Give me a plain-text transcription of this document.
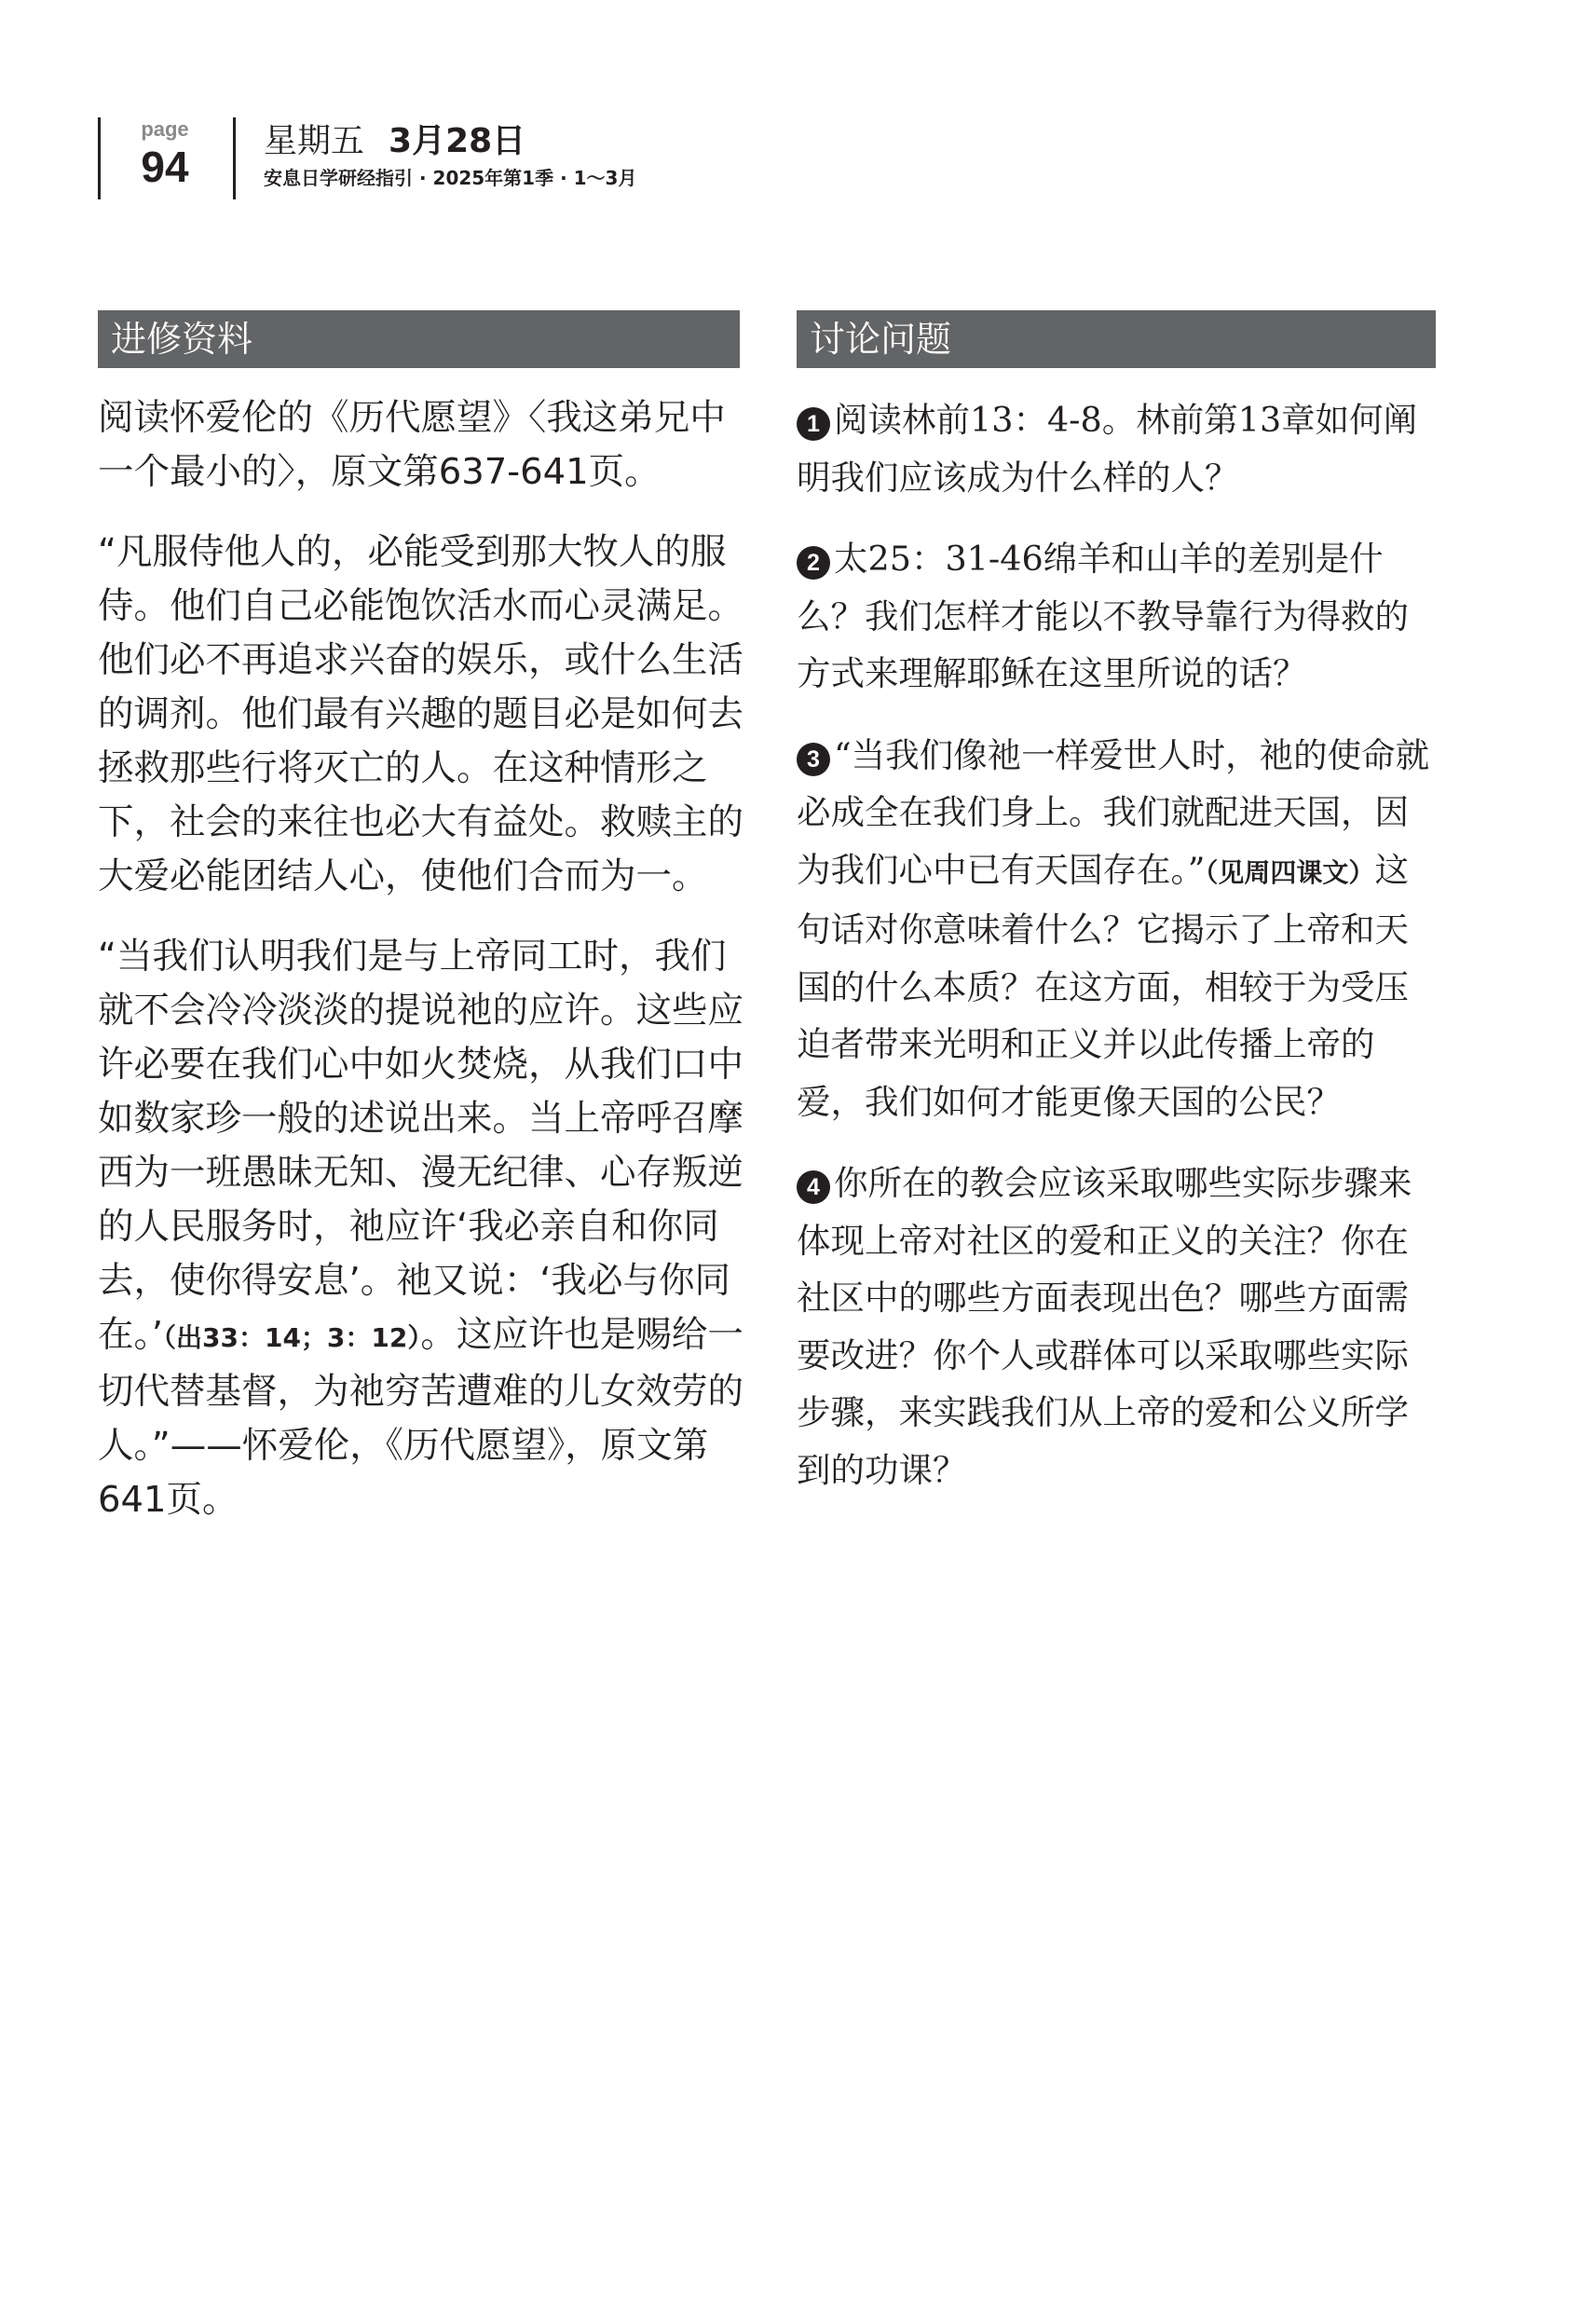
page
94
星期五 3月28日
安息日学研经指引 · 2025年第1季 · 1～3月
进修资料	讨论问题

阅读怀爱伦的《历代愿望》〈我这弟兄中一个最小的〉，原文第637-641页。

“凡服侍他人的，必能受到那大牧人的服侍。他们自己必能饱饮活水而心灵满足。他们必不再追求兴奋的娱乐，或什么生活的调剂。他们最有兴趣的题目必是如何去拯救那些行将灭亡的人。在这种情形之下，社会的来往也必大有益处。救赎主的大爱必能团结人心，使他们合而为一。

“当我们认明我们是与上帝同工时，我们就不会冷冷淡淡的提说祂的应许。这些应许必要在我们心中如火焚烧，从我们口中如数家珍一般的述说出来。当上帝呼召摩西为一班愚昧无知、漫无纪律、心存叛逆的人民服务时，祂应许‘我必亲自和你同去，使你得安息’。祂又说：‘我必与你同在。’（出33：14；3：12）。这应许也是赐给一切代替基督，为祂穷苦遭难的儿女效劳的人。”——怀爱伦，《历代愿望》，原文第641页。

1 阅读林前13：4-8。林前第13章如何阐明我们应该成为什么样的人？
2 太25：31-46绵羊和山羊的差别是什么？我们怎样才能以不教导靠行为得救的方式来理解耶稣在这里所说的话？
3 “当我们像祂一样爱世人时，祂的使命就必成全在我们身上。我们就配进天国，因为我们心中已有天国存在。”（见周四课文）这句话对你意味着什么？它揭示了上帝和天国的什么本质？在这方面，相较于为受压迫者带来光明和正义并以此传播上帝的爱，我们如何才能更像天国的公民？
4 你所在的教会应该采取哪些实际步骤来体现上帝对社区的爱和正义的关注？你在社区中的哪些方面表现出色？哪些方面需要改进？你个人或群体可以采取哪些实际步骤，来实践我们从上帝的爱和公义所学到的功课？
